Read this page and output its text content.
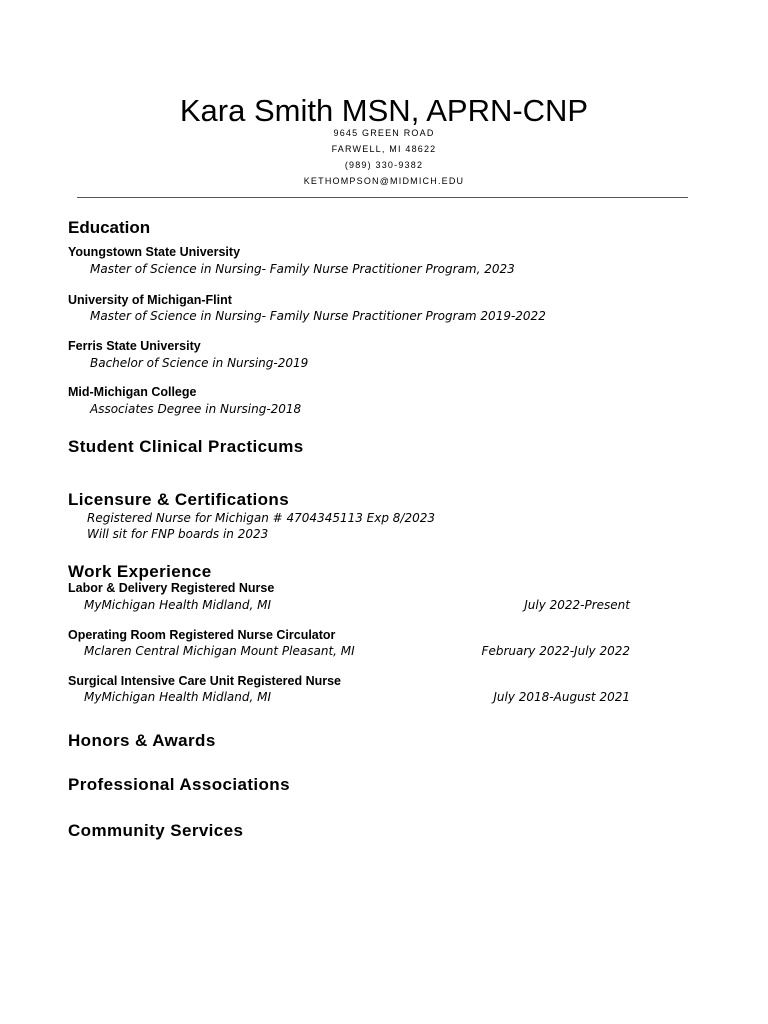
Kara Smith MSN, APRN-CNP
9645 GREEN ROAD
FARWELL, MI 48622
(989) 330-9382
KETHOMPSON@MIDMICH.EDU
Education
Youngstown State University
Master of Science in Nursing- Family Nurse Practitioner Program, 2023
University of Michigan-Flint
Master of Science in Nursing- Family Nurse Practitioner Program 2019-2022
Ferris State University
Bachelor of Science in Nursing-2019
Mid-Michigan College
Associates Degree in Nursing-2018
Student Clinical Practicums
Licensure & Certifications
Registered Nurse for Michigan # 4704345113 Exp 8/2023
Will sit for FNP boards in 2023
Work Experience
Labor & Delivery Registered Nurse
MyMichigan Health Midland, MI	July 2022-Present
Operating Room Registered Nurse Circulator
Mclaren Central Michigan Mount Pleasant, MI	February 2022-July 2022
Surgical Intensive Care Unit Registered Nurse
MyMichigan Health Midland, MI	July 2018-August 2021
Honors & Awards
Professional Associations
Community Services
